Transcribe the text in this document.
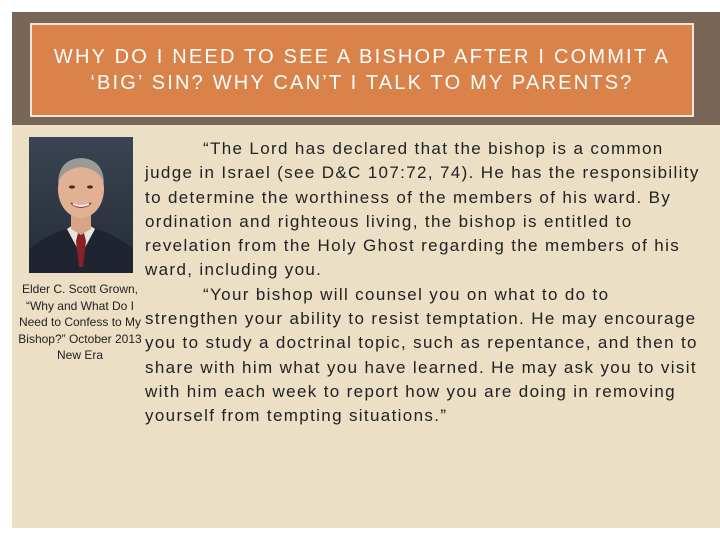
WHY DO I NEED TO SEE A BISHOP AFTER I COMMIT A ‘BIG’ SIN? WHY CAN’T I TALK TO MY PARENTS?
Elder C. Scott Grown, “Why and What Do I Need to Confess to My Bishop?” October 2013 New Era

“The Lord has declared that the bishop is a common judge in Israel (see D&C 107:72, 74). He has the responsibility to determine the worthiness of the members of his ward. By ordination and righteous living, the bishop is entitled to revelation from the Holy Ghost regarding the members of his ward, including you.

“Your bishop will counsel you on what to do to strengthen your ability to resist temptation. He may encourage you to study a doctrinal topic, such as repentance, and then to share with him what you have learned. He may ask you to visit with him each week to report how you are doing in removing yourself from tempting situations.”
